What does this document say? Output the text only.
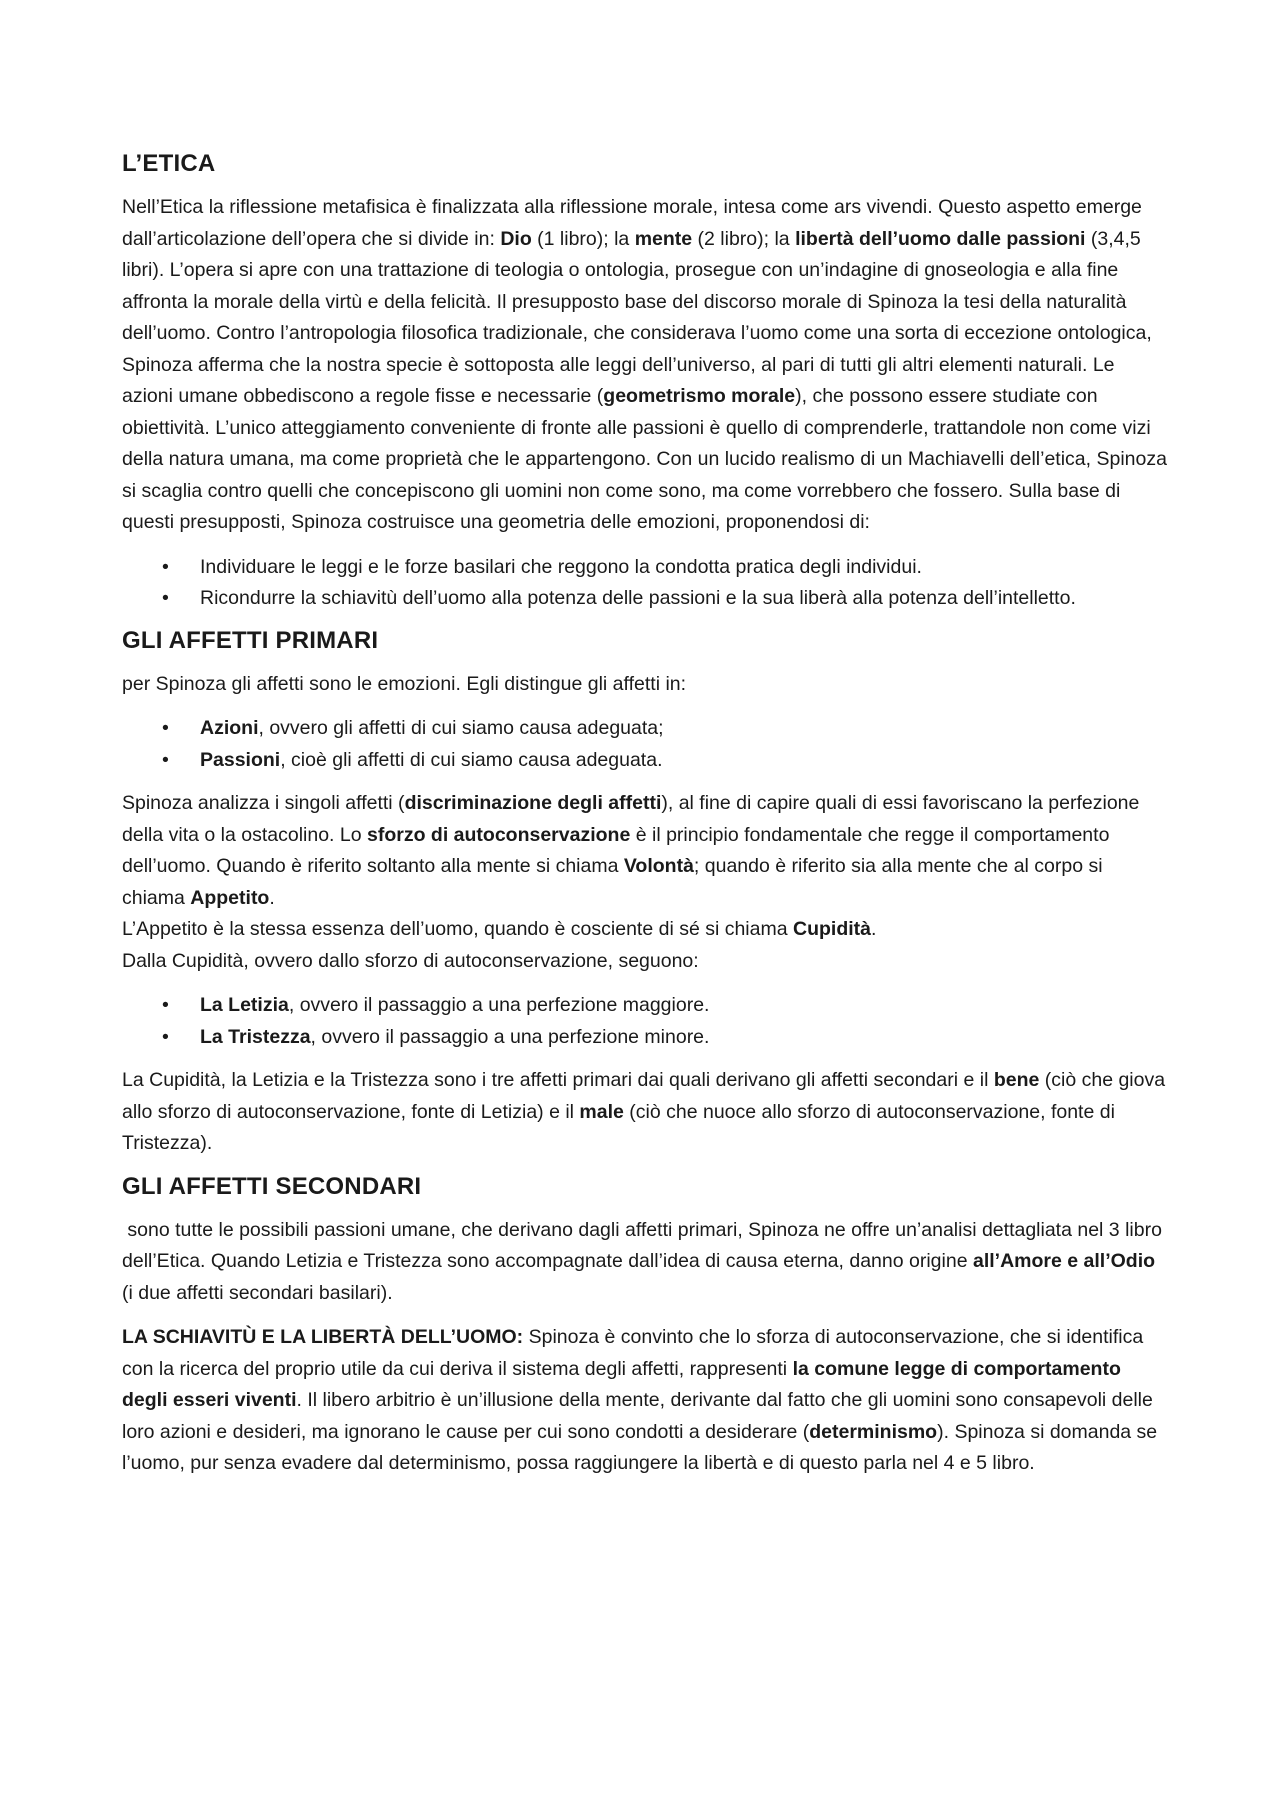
L’ETICA

Nell’Etica la riflessione metafisica è finalizzata alla riflessione morale, intesa come ars vivendi. Questo aspetto emerge dall’articolazione dell’opera che si divide in: Dio (1 libro); la mente (2 libro); la libertà dell’uomo dalle passioni (3,4,5 libri). L’opera si apre con una trattazione di teologia o ontologia, prosegue con un’indagine di gnoseologia e alla fine affronta la morale della virtù e della felicità. Il presupposto base del discorso morale di Spinoza la tesi della naturalità dell’uomo. Contro l’antropologia filosofica tradizionale, che considerava l’uomo come una sorta di eccezione ontologica, Spinoza afferma che la nostra specie è sottoposta alle leggi dell’universo, al pari di tutti gli altri elementi naturali. Le azioni umane obbediscono a regole fisse e necessarie (geometrismo morale), che possono essere studiate con obiettività. L’unico atteggiamento conveniente di fronte alle passioni è quello di comprenderle, trattandole non come vizi della natura umana, ma come proprietà che le appartengono. Con un lucido realismo di un Machiavelli dell’etica, Spinoza si scaglia contro quelli che concepiscono gli uomini non come sono, ma come vorrebbero che fossero. Sulla base di questi presupposti, Spinoza costruisce una geometria delle emozioni, proponendosi di:

• Individuare le leggi e le forze basilari che reggono la condotta pratica degli individui.
• Ricondurre la schiavitù dell’uomo alla potenza delle passioni e la sua liberà alla potenza dell’intelletto.
GLI AFFETTI PRIMARI

per Spinoza gli affetti sono le emozioni. Egli distingue gli affetti in:

• Azioni, ovvero gli affetti di cui siamo causa adeguata;
• Passioni, cioè gli affetti di cui siamo causa adeguata.

Spinoza analizza i singoli affetti (discriminazione degli affetti), al fine di capire quali di essi favoriscano la perfezione della vita o la ostacolino. Lo sforzo di autoconservazione è il principio fondamentale che regge il comportamento dell’uomo. Quando è riferito soltanto alla mente si chiama Volontà; quando è riferito sia alla mente che al corpo si chiama Appetito.

L’Appetito è la stessa essenza dell’uomo, quando è cosciente di sé si chiama Cupidità.

Dalla Cupidità, ovvero dallo sforzo di autoconservazione, seguono:

• La Letizia, ovvero il passaggio a una perfezione maggiore.
• La Tristezza, ovvero il passaggio a una perfezione minore.

La Cupidità, la Letizia e la Tristezza sono i tre affetti primari dai quali derivano gli affetti secondari e il bene (ciò che giova allo sforzo di autoconservazione, fonte di Letizia) e il male (ciò che nuoce allo sforzo di autoconservazione, fonte di Tristezza).

GLI AFFETTI SECONDARI

sono tutte le possibili passioni umane, che derivano dagli affetti primari, Spinoza ne offre un’analisi dettagliata nel 3 libro dell’Etica. Quando Letizia e Tristezza sono accompagnate dall’idea di causa eterna, danno origine all’Amore e all’Odio (i due affetti secondari basilari).

LA SCHIAVITÙ E LA LIBERTÀ DELL’UOMO: Spinoza è convinto che lo sforza di autoconservazione, che si identifica con la ricerca del proprio utile da cui deriva il sistema degli affetti, rappresenti la comune legge di comportamento degli esseri viventi. Il libero arbitrio è un’illusione della mente, derivante dal fatto che gli uomini sono consapevoli delle loro azioni e desideri, ma ignorano le cause per cui sono condotti a desiderare (determinismo). Spinoza si domanda se l’uomo, pur senza evadere dal determinismo, possa raggiungere la libertà e di questo parla nel 4 e 5 libro.
